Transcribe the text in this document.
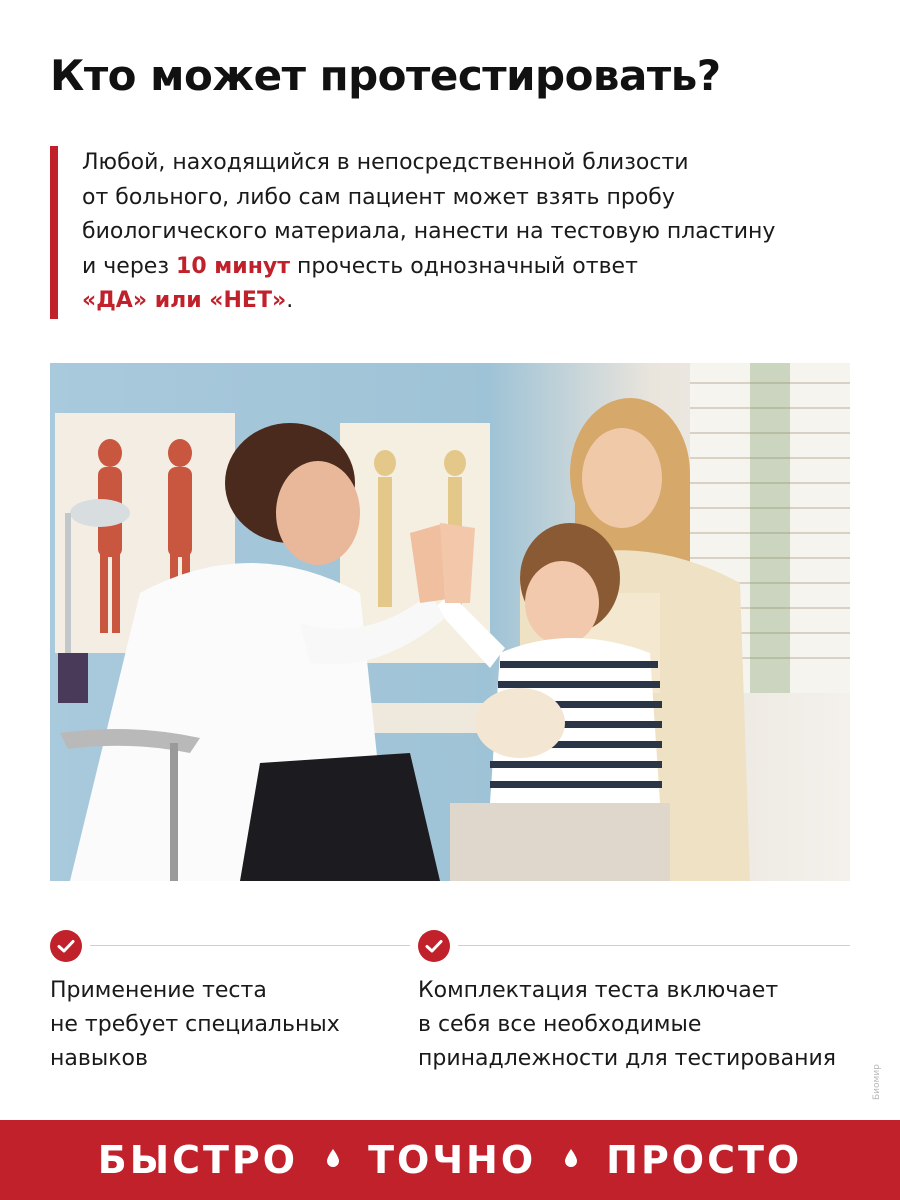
Кто может протестировать?
Любой, находящийся в непосредственной близости
от больного, либо сам пациент может взять пробу
биологического материала, нанести на тестовую пластину
и через 10 минут прочесть однозначный ответ
«ДА» или «НЕТ».
Применение теста
не требует специальных
навыков
Комплектация теста включает
в себя все необходимые
принадлежности для тестирования
Биомир
БЫСТРО ТОЧНО ПРОСТО
